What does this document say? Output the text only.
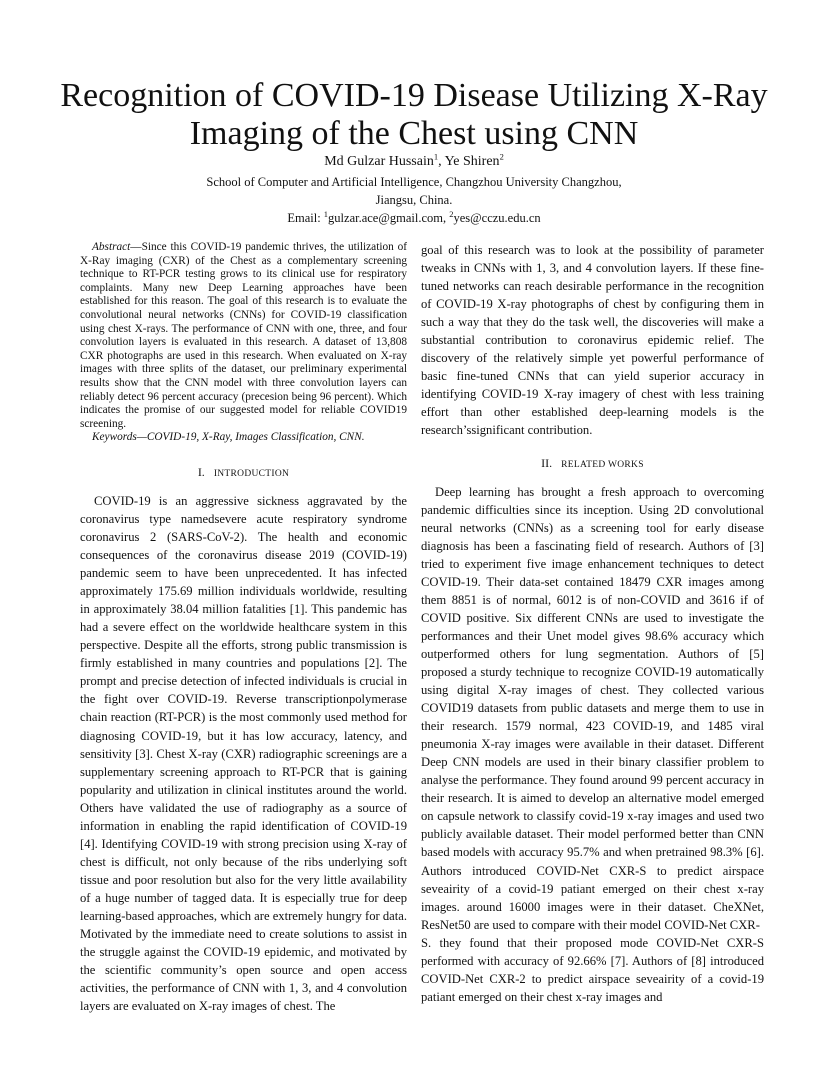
Recognition of COVID-19 Disease Utilizing X-Ray
Imaging of the Chest using CNN
Md Gulzar Hussain$^1$, Ye Shiren$^2$
School of Computer and Artificial Intelligence, Changzhou University Changzhou,
Jiangsu, China.
Email: $^1$gulzar.ace@gmail.com, $^2$yes@cczu.edu.cn

Abstract—Since this COVID-19 pandemic thrives, the utilization of X-Ray imaging (CXR) of the Chest as a complementary screening technique to RT-PCR testing grows to its clinical use for respiratory complaints. Many new Deep Learning approaches have been established for this reason. The goal of this research is to evaluate the convolutional neural networks (CNNs) for COVID-19 classification using chest X-rays. The performance of CNN with one, three, and four convolution layers is evaluated in this research. A dataset of 13,808 CXR photographs are used in this research. When evaluated on X-ray images with three splits of the dataset, our preliminary experimental results show that the CNN model with three convolution layers can reliably detect 96 percent accuracy (precesion being 96 percent). Which indicates the promise of our suggested model for reliable COVID19 screening.

Keywords—COVID-19, X-Ray, Images Classification, CNN.

I. INTRODUCTION

COVID-19 is an aggressive sickness aggravated by the coronavirus type namedsevere acute respiratory syndrome coronavirus 2 (SARS-CoV-2). The health and economic consequences of the coronavirus disease 2019 (COVID-19) pandemic seem to have been unprecedented. It has infected approximately 175.69 million individuals worldwide, resulting in approximately 38.04 million fatalities [1]. This pandemic has had a severe effect on the worldwide healthcare system in this perspective. Despite all the efforts, strong public transmission is firmly established in many countries and populations [2]. The prompt and precise detection of infected individuals is crucial in the fight over COVID-19. Reverse transcriptionpolymerase chain reaction (RT-PCR) is the most commonly used method for diagnosing COVID-19, but it has low accuracy, latency, and sensitivity [3]. Chest X-ray (CXR) radiographic screenings are a supplementary screening approach to RT-PCR that is gaining popularity and utilization in clinical institutes around the world. Others have validated the use of radiography as a source of information in enabling the rapid identification of COVID-19 [4]. Identifying COVID-19 with strong precision using X-ray of chest is difficult, not only because of the ribs underlying soft tissue and poor resolution but also for the very little availability of a huge number of tagged data. It is especially true for deep learning-based approaches, which are extremely hungry for data. Motivated by the immediate need to create solutions to assist in the struggle against the COVID-19 epidemic, and motivated by the scientific community’s open source and open access activities, the performance of CNN with 1, 3, and 4 convolution layers are evaluated on X-ray images of chest. The

goal of this research was to look at the possibility of parameter tweaks in CNNs with 1, 3, and 4 convolution layers. If these fine-tuned networks can reach desirable performance in the recognition of COVID-19 X-ray photographs of chest by configuring them in such a way that they do the task well, the discoveries will make a substantial contribution to coronavirus epidemic relief. The discovery of the relatively simple yet powerful performance of basic fine-tuned CNNs that can yield superior accuracy in identifying COVID-19 X-ray imagery of chest with less training effort than other established deep-learning models is the research’ssignificant contribution.

II. RELATED WORKS

Deep learning has brought a fresh approach to overcoming pandemic difficulties since its inception. Using 2D convolutional neural networks (CNNs) as a screening tool for early disease diagnosis has been a fascinating field of research. Authors of [3] tried to experiment five image enhancement techniques to detect COVID-19. Their data-set contained 18479 CXR images among them 8851 is of normal, 6012 is of non-COVID and 3616 if of COVID positive. Six different CNNs are used to investigate the performances and their Unet model gives 98.6% accuracy which outperformed others for lung segmentation. Authors of [5] proposed a sturdy technique to recognize COVID-19 automatically using digital X-ray images of chest. They collected various COVID19 datasets from public datasets and merge them to use in their research. 1579 normal, 423 COVID-19, and 1485 viral pneumonia X-ray images were available in their dataset. Different Deep CNN models are used in their binary classifier problem to analyse the performance. They found around 99 percent accuracy in their research. It is aimed to develop an alternative model emerged on capsule network to classify covid-19 x-ray images and used two publicly available dataset. Their model performed better than CNN based models with accuracy 95.7% and when pretrained 98.3% [6]. Authors introduced COVID-Net CXR-S to predict airspace seveairity of a covid-19 patiant emerged on their chest x-ray images. around 16000 images were in their dataset. CheXNet, ResNet50 are used to compare with their model COVID-Net CXR-

S. they found that their proposed mode COVID-Net CXR-S performed with accuracy of 92.66% [7]. Authors of [8] introduced COVID-Net CXR-2 to predict airspace seveairity of a covid-19 patiant emerged on their chest x-ray images and
